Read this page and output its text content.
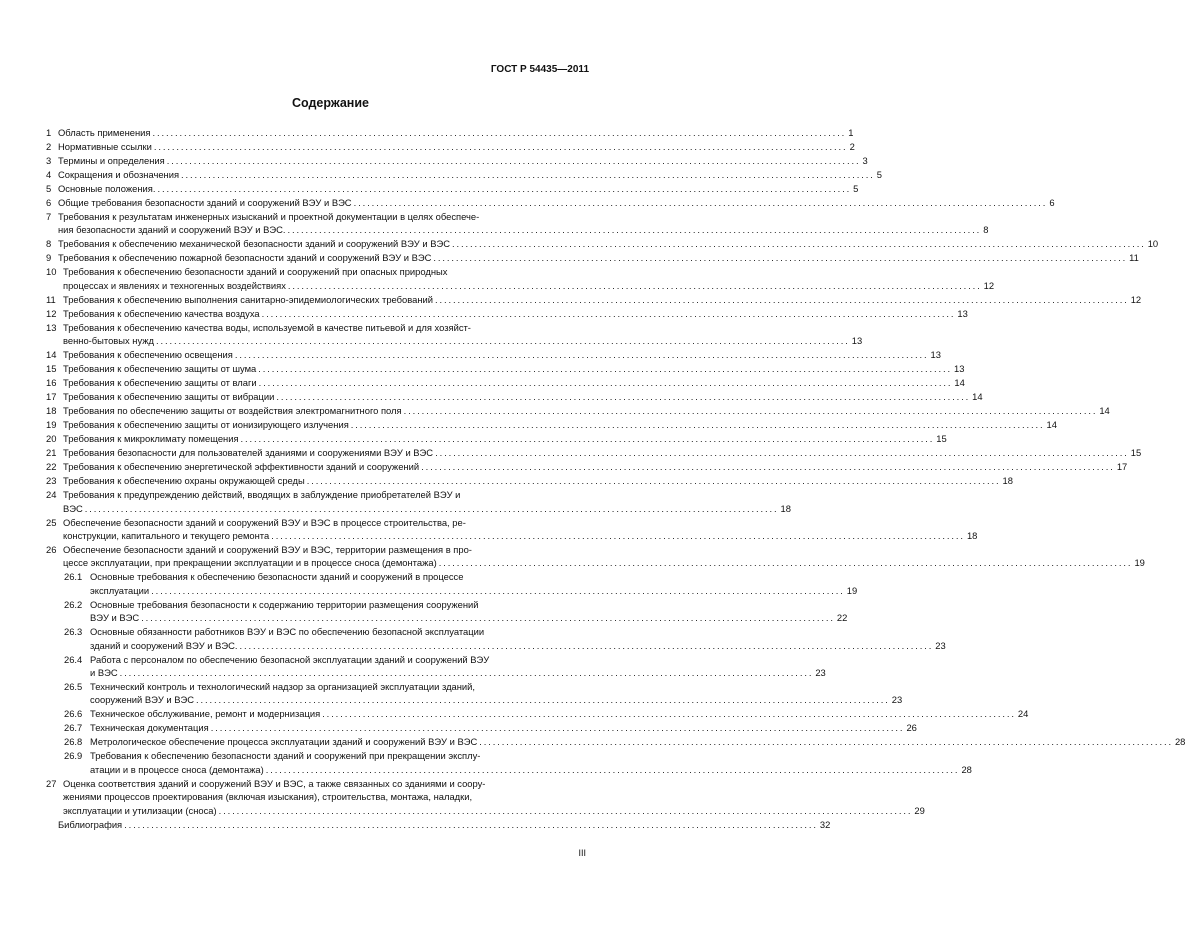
ГОСТ Р 54435—2011
Содержание
1 Область применения .......................................................................................................................................................... 1
2 Нормативные ссылки .......................................................................................................................................................... 2
3 Термины и определения .......................................................................................................................................................... 3
4 Сокращения и обозначения .......................................................................................................................................................... 5
5 Основные положения. .......................................................................................................................................................... 5
6 Общие требования безопасности зданий и сооружений ВЭУ и ВЭС .......................................................................................................................................................... 6
7 Требования к результатам инженерных изысканий и проектной документации в целях обеспече-
ния безопасности зданий и сооружений ВЭУ и ВЭС. .......................................................................................................................................................... 8
8 Требования к обеспечению механической безопасности зданий и сооружений ВЭУ и ВЭС .......................................................................................................................................................... 10
9 Требования к обеспечению пожарной безопасности зданий и сооружений ВЭУ и ВЭС .......................................................................................................................................................... 11
10 Требования к обеспечению безопасности зданий и сооружений при опасных природных
процессах и явлениях и техногенных воздействиях .......................................................................................................................................................... 12
11 Требования к обеспечению выполнения санитарно-эпидемиологических требований .......................................................................................................................................................... 12
12 Требования к обеспечению качества воздуха .......................................................................................................................................................... 13
13 Требования к обеспечению качества воды, используемой в качестве питьевой и для хозяйст-
венно-бытовых нужд .......................................................................................................................................................... 13
14 Требования к обеспечению освещения .......................................................................................................................................................... 13
15 Требования к обеспечению защиты от шума .......................................................................................................................................................... 13
16 Требования к обеспечению защиты от влаги .......................................................................................................................................................... 14
17 Требования к обеспечению защиты от вибрации .......................................................................................................................................................... 14
18 Требования по обеспечению защиты от воздействия электромагнитного поля .......................................................................................................................................................... 14
19 Требования к обеспечению защиты от ионизирующего излучения .......................................................................................................................................................... 14
20 Требования к микроклимату помещения .......................................................................................................................................................... 15
21 Требования безопасности для пользователей зданиями и сооружениями ВЭУ и ВЭС .......................................................................................................................................................... 15
22 Требования к обеспечению энергетической эффективности зданий и сооружений .......................................................................................................................................................... 17
23 Требования к обеспечению охраны окружающей среды .......................................................................................................................................................... 18
24 Требования к предупреждению действий, вводящих в заблуждение приобретателей ВЭУ и
ВЭС .......................................................................................................................................................... 18
25 Обеспечение безопасности зданий и сооружений ВЭУ и ВЭС в процессе строительства, ре-
конструкции, капитального и текущего ремонта .......................................................................................................................................................... 18
26 Обеспечение безопасности зданий и сооружений ВЭУ и ВЭС, территории размещения в про-
цессе эксплуатации, при прекращении эксплуатации и в процессе сноса (демонтажа) .......................................................................................................................................................... 19
26.1 Основные требования к обеспечению безопасности зданий и сооружений в процессе
эксплуатации .......................................................................................................................................................... 19
26.2 Основные требования безопасности к содержанию территории размещения сооружений
ВЭУ и ВЭС .......................................................................................................................................................... 22
26.3 Основные обязанности работников ВЭУ и ВЭС по обеспечению безопасной эксплуатации
зданий и сооружений ВЭУ и ВЭС. .......................................................................................................................................................... 23
26.4 Работа с персоналом по обеспечению безопасной эксплуатации зданий и сооружений ВЭУ
и ВЭС .......................................................................................................................................................... 23
26.5 Технический контроль и технологический надзор за организацией эксплуатации зданий,
сооружений ВЭУ и ВЭС .......................................................................................................................................................... 23
26.6 Техническое обслуживание, ремонт и модернизация .......................................................................................................................................................... 24
26.7 Техническая документация .......................................................................................................................................................... 26
26.8 Метрологическое обеспечение процесса эксплуатации зданий и сооружений ВЭУ и ВЭС .......................................................................................................................................................... 28
26.9 Требования к обеспечению безопасности зданий и сооружений при прекращении эксплу-
атации и в процессе сноса (демонтажа) .......................................................................................................................................................... 28
27 Оценка соответствия зданий и сооружений ВЭУ и ВЭС, а также связанных со зданиями и соору-
жениями процессов проектирования (включая изыскания), строительства, монтажа, наладки,
эксплуатации и утилизации (сноса) .......................................................................................................................................................... 29
Библиография .......................................................................................................................................................... 32
III
